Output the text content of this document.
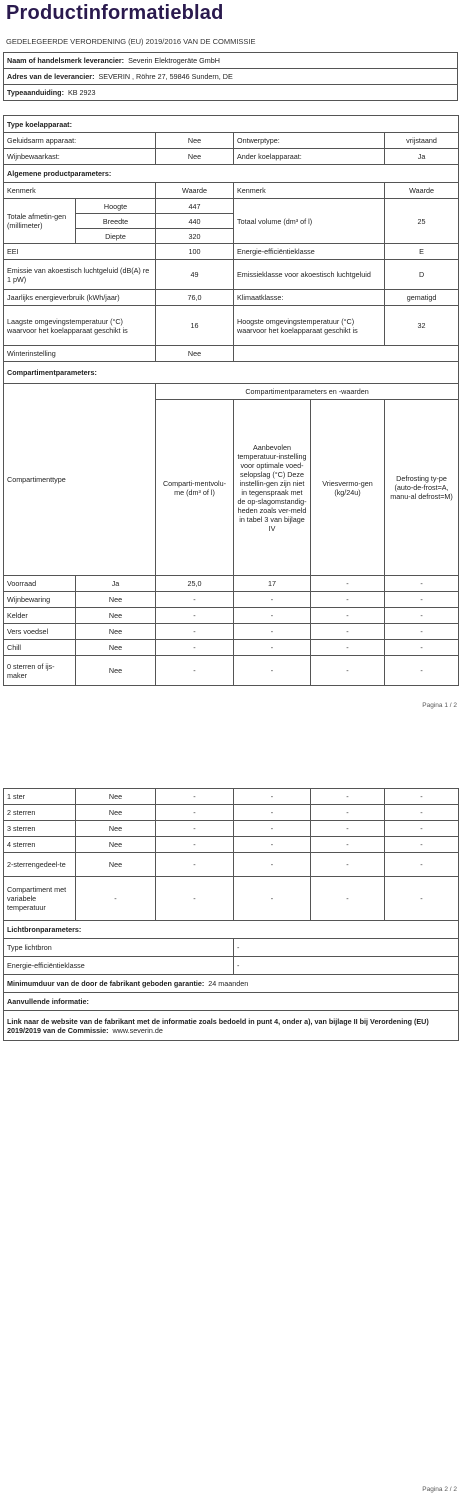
Productinformatieblad
GEDELEGEERDE VERORDENING (EU) 2019/2016 VAN DE COMMISSIE
Naam of handelsmerk leverancier: Severin Elektrogeräte GmbH
Adres van de leverancier: SEVERIN , Röhre 27, 59846 Sundern, DE
Typeaanduiding: KB 2923
Type koelapparaat:					
Geluidsarm apparaat:		Nee	Ontwerptype:		vrijstaand
Wijnbewaarkast:		Nee	Ander koelapparaat:		Ja
Algemene productparameters:					
Kenmerk		Waarde	Kenmerk		Waarde
Totale afmetin-gen (millimeter)	Hoogte	447	Totaal volume (dm³ of l)		25
	Breedte	440			
	Diepte	320			
EEI		100	Energie-efficiëntieklasse		E
Emissie van akoestisch luchtgeluid (dB(A) re 1 pW)		49	Emissieklasse voor akoestisch luchtgeluid		D
Jaarlijks energieverbruik (kWh/jaar)		76,0	Klimaatklasse:		gematigd
Laagste omgevingstemperatuur (°C) waarvoor het koelapparaat geschikt is		16	Hoogste omgevingstemperatuur (°C) waarvoor het koelapparaat geschikt is		32
Winterinstelling		Nee			
Compartimentparameters:					
Compartimenttype		Compartimentparameters en -waarden			
		Comparti-mentvolu-me (dm³ of l)	Aanbevolen temperatuur-instelling voor optimale voed-selopslag (°C) Deze instellin-gen zijn niet in tegenspraak met de op-slagomstandig-heden zoals ver-meld in tabel 3 van bijlage IV	Vriesvermo-gen (kg/24u)	Defrosting ty-pe (auto-de-frost=A, manu-al defrost=M)
Voorraad	Ja	25,0	17	-	-
Wijnbewaring	Nee	-	-	-	-
Kelder	Nee	-	-	-	-
Vers voedsel	Nee	-	-	-	-
Chill	Nee	-	-	-	-
0 sterren of ijs-maker	Nee	-	-	-	-
Pagina 1 / 2
1 ster	Nee	-	-	-	-
2 sterren	Nee	-	-	-	-
3 sterren	Nee	-	-	-	-
4 sterren	Nee	-	-	-	-
2-sterrengedeel-te	Nee	-	-	-	-
Compartiment met variabele temperatuur	-	-	-	-	-
Lichtbronparameters:					
Type lichtbron			-		
Energie-efficiëntieklasse			-		
Minimumduur van de door de fabrikant geboden garantie: 24 maanden					
Aanvullende informatie:					
Link naar de website van de fabrikant met de informatie zoals bedoeld in punt 4, onder a), van bijlage II bij Verordening (EU) 2019/2019 van de Commissie: www.severin.de					
Pagina 2 / 2
